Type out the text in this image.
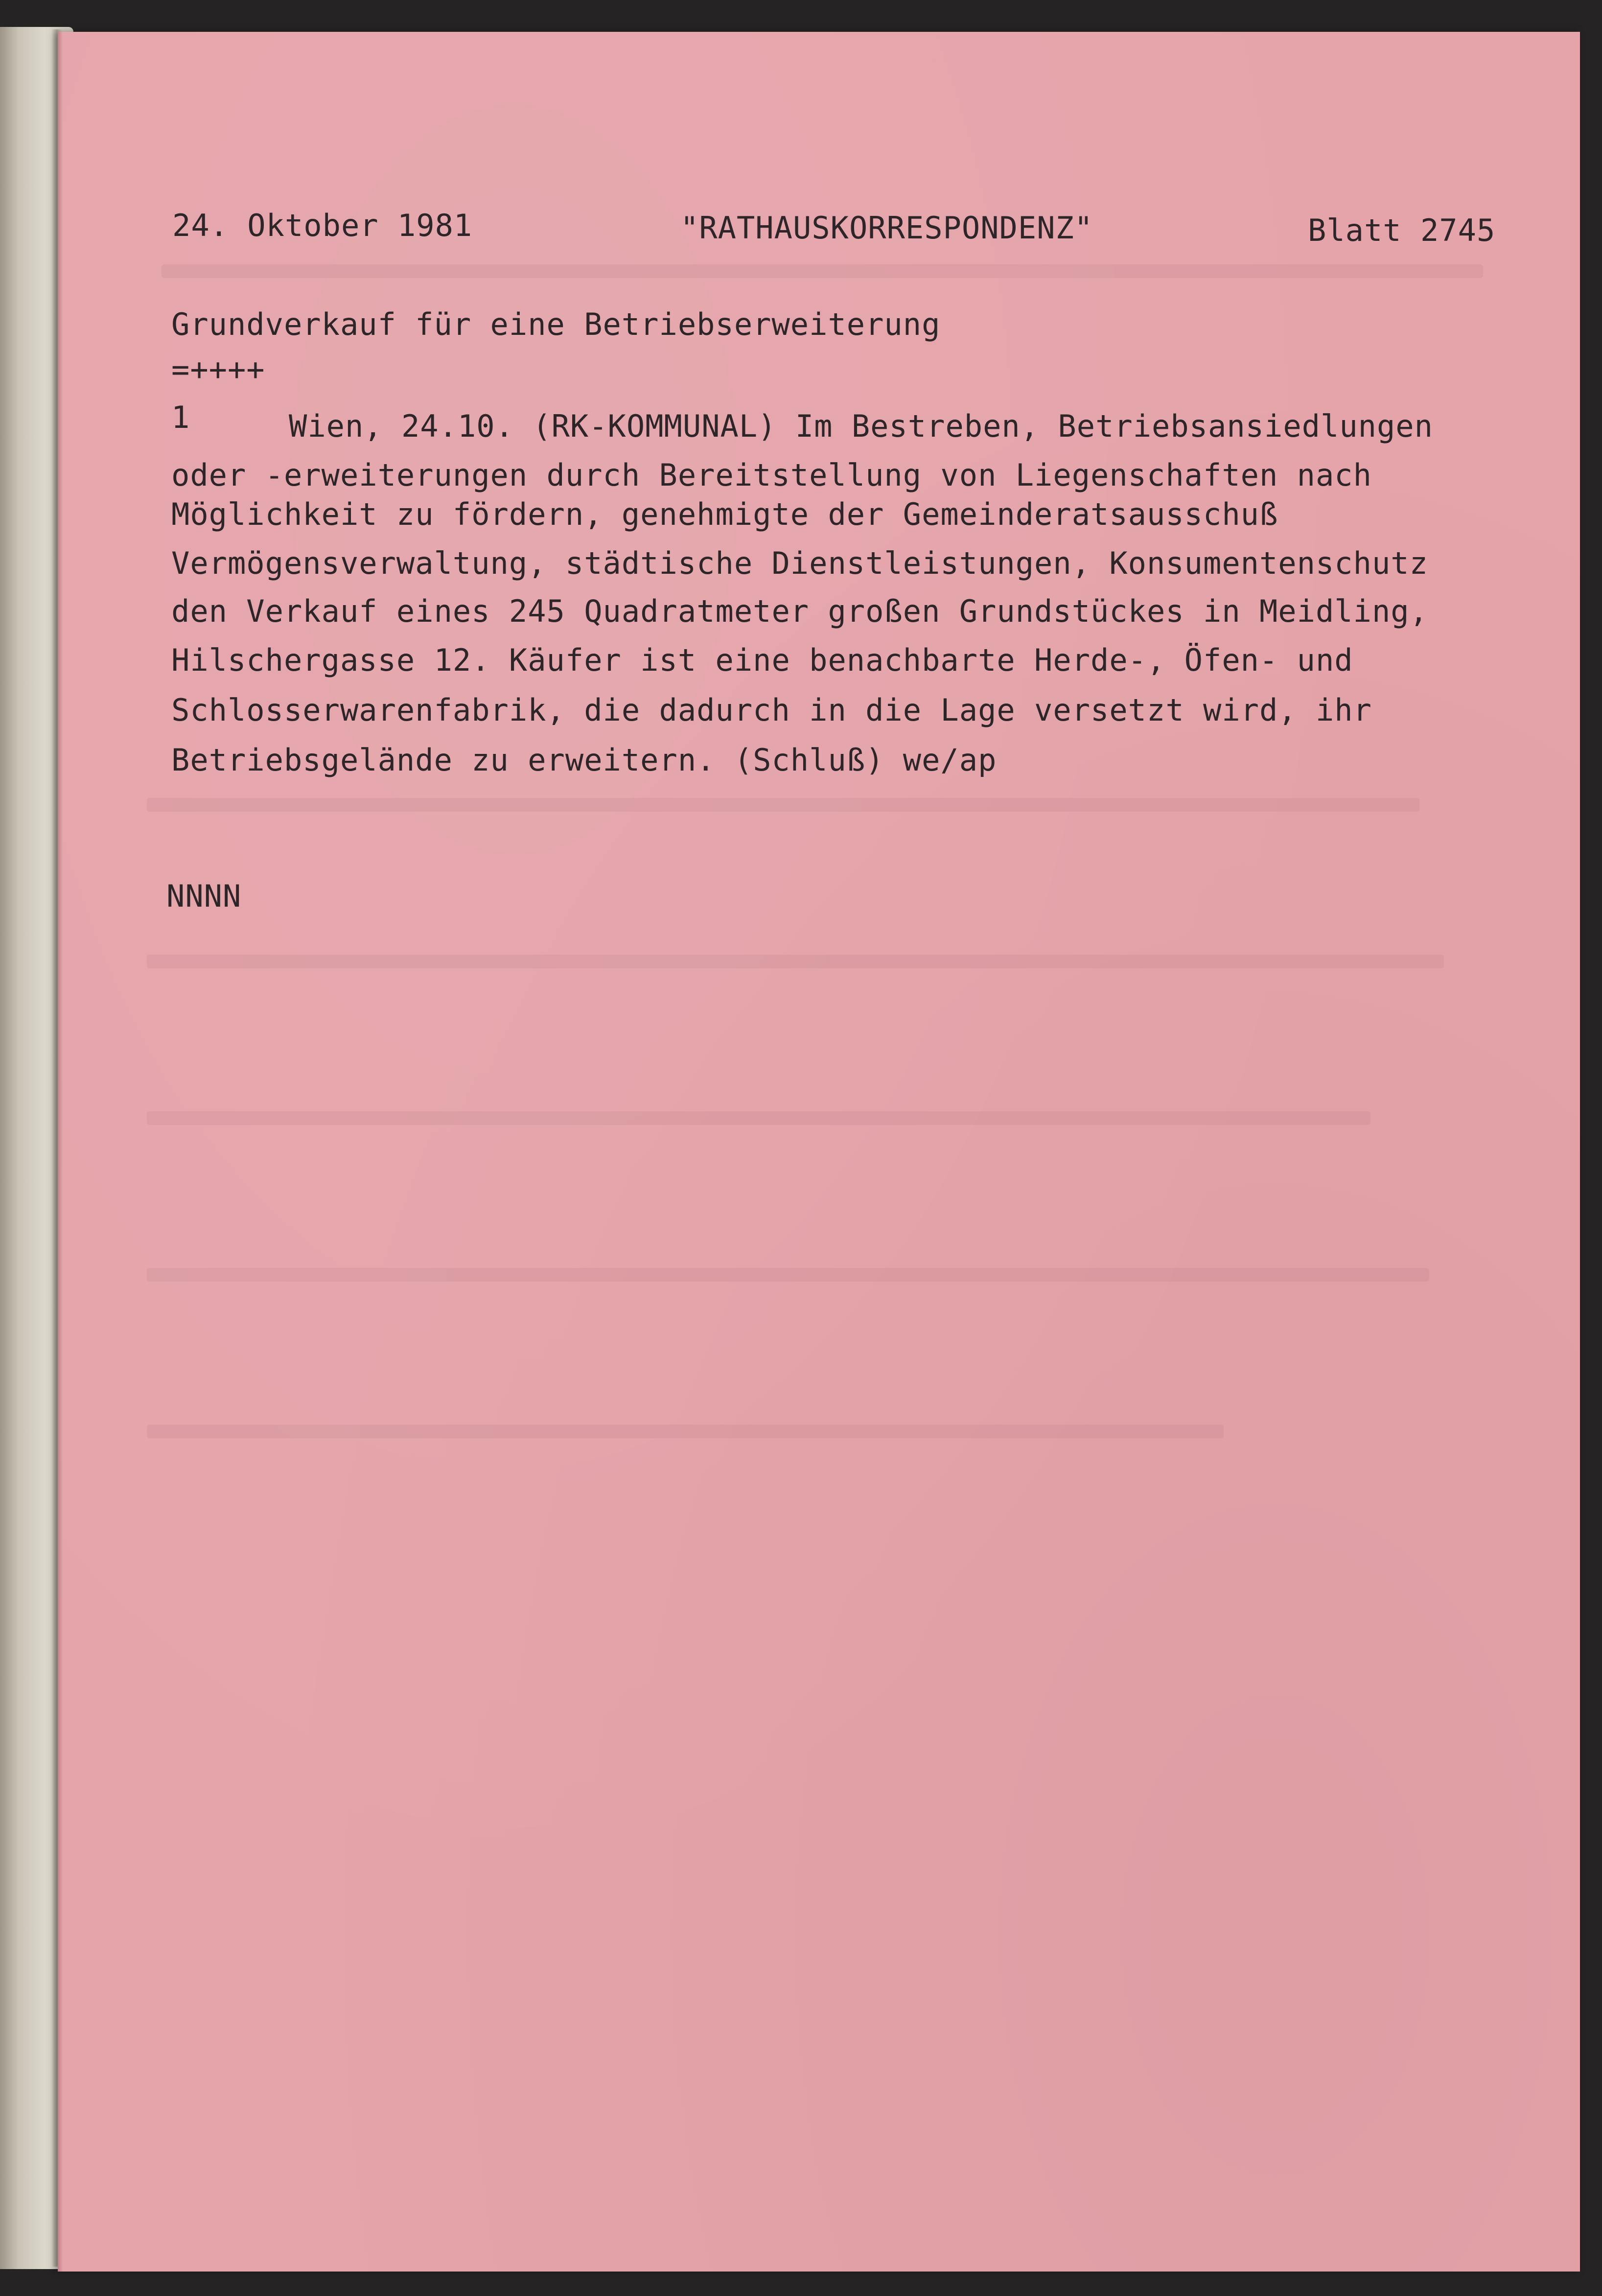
24. Oktober 1981	"RATHAUSKORRESPONDENZ"	Blatt 2745
Grundverkauf für eine Betriebserweiterung
=++++
1	Wien, 24.10. (RK-KOMMUNAL) Im Bestreben, Betriebsansiedlungen
oder -erweiterungen durch Bereitstellung von Liegenschaften nach
Möglichkeit zu fördern, genehmigte der Gemeinderatsausschuß
Vermögensverwaltung, städtische Dienstleistungen, Konsumentenschutz
den Verkauf eines 245 Quadratmeter großen Grundstückes in Meidling,
Hilschergasse 12. Käufer ist eine benachbarte Herde-, Öfen- und
Schlosserwarenfabrik, die dadurch in die Lage versetzt wird, ihr
Betriebsgelände zu erweitern. (Schluß) we/ap
NNNN
